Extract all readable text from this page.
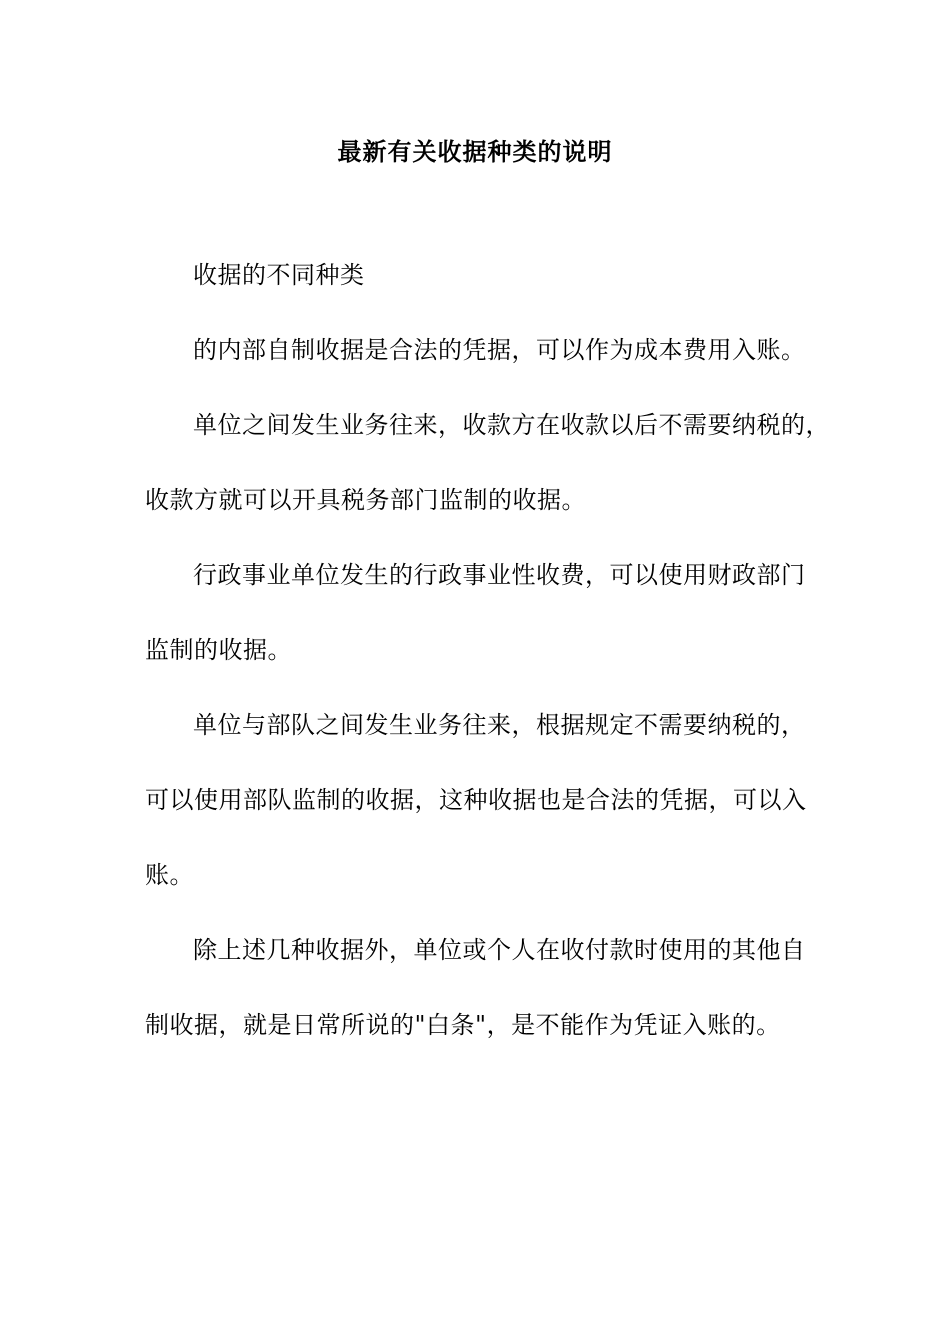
最新有关收据种类的说明
收据的不同种类
的内部自制收据是合法的凭据，可以作为成本费用入账。
单位之间发生业务往来，收款方在收款以后不需要纳税的，
收款方就可以开具税务部门监制的收据。
行政事业单位发生的行政事业性收费，可以使用财政部门
监制的收据。
单位与部队之间发生业务往来，根据规定不需要纳税的，
可以使用部队监制的收据，这种收据也是合法的凭据，可以入
账。
除上述几种收据外，单位或个人在收付款时使用的其他自
制收据，就是日常所说的"白条"，是不能作为凭证入账的。
